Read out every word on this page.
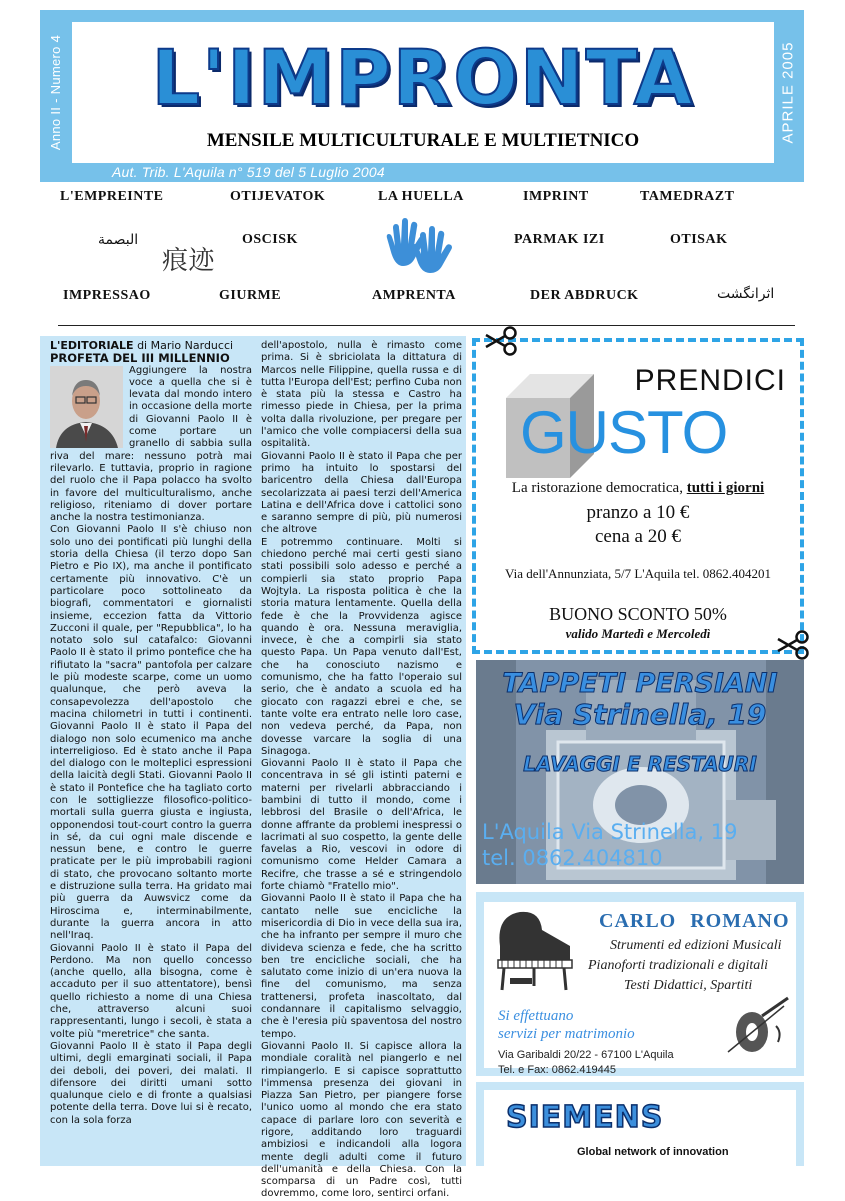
Anno II - Numero 4	L'IMPRONTA
MENSILE MULTICULTURALE E MULTIETNICO	APRILE 2005
Aut. Trib. L'Aquila n° 519 del 5 Luglio 2004
L'EMPREINTE	OTIJEVATOK	LA HUELLA	IMPRINT	TAMEDRAZT
البصمة
痕迹
OSCISK	PARMAK IZI	OTISAK
IMPRESSAO	GIURME	AMPRENTA	DER ABDRUCK	اثرانگشت

L'EDITORIALE di Mario Narducci

PROFETA DEL III MILLENNIO

Aggiungere la nostra voce a quella che si è levata dal mondo intero in occasione della morte di Giovanni Paolo II è come portare un granello di sabbia sulla riva del mare: nessuno potrà mai rilevarlo. E tuttavia, proprio in ragione del ruolo che il Papa polacco ha svolto in favore del multiculturalismo, anche religioso, riteniamo di dover portare anche la nostra testimonianza.

Con Giovanni Paolo II s'è chiuso non solo uno dei pontificati più lunghi della storia della Chiesa (il terzo dopo San Pietro e Pio IX), ma anche il pontificato certamente più innovativo. C'è un particolare poco sottolineato da biografi, commentatori e giornalisti insieme, eccezion fatta da Vittorio Zucconi il quale, per "Repubblica", lo ha notato solo sul catafalco: Giovanni Paolo II è stato il primo pontefice che ha rifiutato la "sacra" pantofola per calzare le più modeste scarpe, come un uomo qualunque, che però aveva la consapevolezza dell'apostolo che macina chilometri in tutti i continenti. Giovanni Paolo II è stato il Papa del dialogo non solo ecumenico ma anche interreligioso. Ed è stato anche il Papa del dialogo con le molteplici espressioni della laicità degli Stati. Giovanni Paolo II è stato il Pontefice che ha tagliato corto con le sottigliezze filosofico-politico-mortali sulla guerra giusta e ingiusta, opponendosi tout-court contro la guerra in sé, da cui ogni male discende e nessun bene, e contro le guerre praticate per le più improbabili ragioni di stato, che provocano soltanto morte e distruzione sulla terra. Ha gridato mai più guerra da Auwsvicz come da Hiroscima e, interminabilmente, durante la guerra ancora in atto nell'Iraq.

Giovanni Paolo II è stato il Papa del Perdono. Ma non quello concesso (anche quello, alla bisogna, come è accaduto per il suo attentatore), bensì quello richiesto a nome di una Chiesa che, attraverso alcuni suoi rappresentanti, lungo i secoli, è stata a volte più "meretrice" che santa.

Giovanni Paolo II è stato il Papa degli ultimi, degli emarginati sociali, il Papa dei deboli, dei poveri, dei malati. Il difensore dei diritti umani sotto qualunque cielo e di fronte a qualsiasi potente della terra. Dove lui si è recato, con la sola forza

dell'apostolo, nulla è rimasto come prima. Si è sbriciolata la dittatura di Marcos nelle Filippine, quella russa e di tutta l'Europa dell'Est; perfino Cuba non è stata più la stessa e Castro ha rimesso piede in Chiesa, per la prima volta dalla rivoluzione, per pregare per l'amico che volle compiacersi della sua ospitalità.

Giovanni Paolo II è stato il Papa che per primo ha intuito lo spostarsi del baricentro della Chiesa dall'Europa secolarizzata ai paesi terzi dell'America Latina e dell'Africa dove i cattolici sono e saranno sempre di più, più numerosi che altrove

E potremmo continuare. Molti si chiedono perché mai certi gesti siano stati possibili solo adesso e perché a compierli sia stato proprio Papa Wojtyla. La risposta politica è che la storia matura lentamente. Quella della fede è che la Provvidenza agisce quando è ora. Nessuna meraviglia, invece, è che a compirli sia stato questo Papa. Un Papa venuto dall'Est, che ha conosciuto nazismo e comunismo, che ha fatto l'operaio sul serio, che è andato a scuola ed ha giocato con ragazzi ebrei e che, se tante volte era entrato nelle loro case, non vedeva perché, da Papa, non dovesse varcare la soglia di una Sinagoga.

Giovanni Paolo II è stato il Papa che concentrava in sé gli istinti paterni e materni per rivelarli abbracciando i bambini di tutto il mondo, come i lebbrosi del Brasile o dell'Africa, le donne affrante da problemi inespressi o lacrimati al suo cospetto, la gente delle favelas a Rio, vescovi in odore di comunismo come Helder Camara a Recifre, che trasse a sé e stringendolo forte chiamò "Fratello mio".

Giovanni Paolo II è stato il Papa che ha cantato nelle sue encicliche la misericordia di Dio in vece della sua ira, che ha infranto per sempre il muro che divideva scienza e fede, che ha scritto ben tre encicliche sociali, che ha salutato come inizio di un'era nuova la fine del comunismo, ma senza trattenersi, profeta inascoltato, dal condannare il capitalismo selvaggio, che è l'eresia più spaventosa del nostro tempo.

Giovanni Paolo II. Si capisce allora la mondiale coralità nel piangerlo e nel rimpiangerlo. E si capisce soprattutto l'immensa presenza dei giovani in Piazza San Pietro, per piangere forse l'unico uomo al mondo che era stato capace di parlare loro con severità e rigore, additando loro traguardi ambiziosi e indicandoli alla logora mente degli adulti come il futuro dell'umanità e della Chiesa. Con la scomparsa di un Padre così, tutti dovremmo, come loro, sentirci orfani.

PRENDICI
GUSTO
La ristorazione democratica, tutti i giorni
pranzo a 10 €
cena a 20 €
Via dell'Annunziata, 5/7 L'Aquila tel. 0862.404201
BUONO SCONTO 50%
valido Martedì e Mercoledì
TAPPETI PERSIANI
Via Strinella, 19
LAVAGGI E RESTAURI
L'Aquila Via Strinella, 19
tel. 0862.404810
CARLO ROMANO
Strumenti ed edizioni Musicali
Pianoforti tradizionali e digitali
Testi Didattici, Spartiti
Si effettuano
servizi per matrimonio
Via Garibaldi 20/22 - 67100 L'Aquila
Tel. e Fax: 0862.419445
SIEMENS
Global network of innovation
